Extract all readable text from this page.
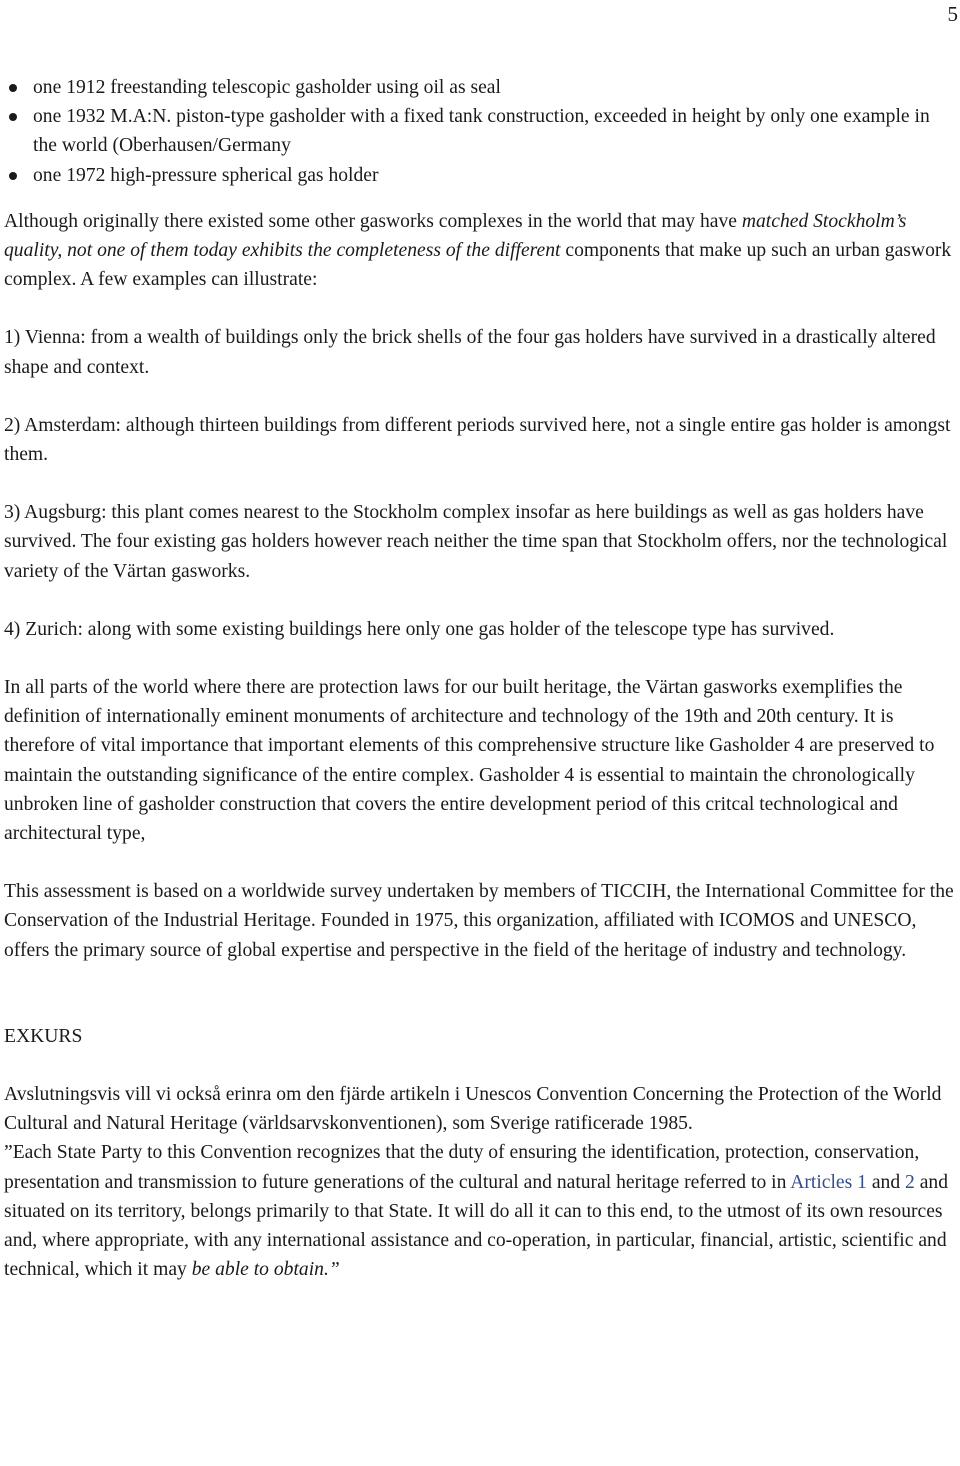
5
one 1912 freestanding telescopic gasholder using oil as seal
one 1932 M.A:N. piston-type gasholder with a fixed tank construction, exceeded in height by only one example in the world (Oberhausen/Germany
one 1972 high-pressure spherical gas holder

Although originally there existed some other gasworks complexes in the world that may have matched Stockholm’s quality, not one of them today exhibits the completeness of the different components that make up such an urban gaswork complex. A few examples can illustrate:

1) Vienna: from a wealth of buildings only the brick shells of the four gas holders have survived in a drastically altered shape and context.

2) Amsterdam: although thirteen buildings from different periods survived here, not a single entire gas holder is amongst them.

3) Augsburg: this plant comes nearest to the Stockholm complex insofar as here buildings as well as gas holders have survived. The four existing gas holders however reach neither the time span that Stockholm offers, nor the technological variety of the Värtan gasworks.

4) Zurich: along with some existing buildings here only one gas holder of the telescope type has survived.

In all parts of the world where there are protection laws for our built heritage, the Värtan gasworks exemplifies the definition of internationally eminent monuments of architecture and technology of the 19th and 20th century. It is therefore of vital importance that important elements of this comprehensive structure like Gasholder 4 are preserved to maintain the outstanding significance of the entire complex. Gasholder 4 is essential to maintain the chronologically unbroken line of gasholder construction that covers the entire development period of this critcal technological and architectural type,

This assessment is based on a worldwide survey undertaken by members of TICCIH, the International Committee for the Conservation of the Industrial Heritage. Founded in 1975, this organization, affiliated with ICOMOS and UNESCO, offers the primary source of global expertise and perspective in the field of the heritage of industry and technology.

EXKURS

Avslutningsvis vill vi också erinra om den fjärde artikeln i Unescos Convention Concerning the Protection of the World Cultural and Natural Heritage (världsarvskonventionen), som Sverige ratificerade 1985.

”Each State Party to this Convention recognizes that the duty of ensuring the identification, protection, conservation, presentation and transmission to future generations of the cultural and natural heritage referred to in Articles 1 and 2 and situated on its territory, belongs primarily to that State. It will do all it can to this end, to the utmost of its own resources and, where appropriate, with any international assistance and co-operation, in particular, financial, artistic, scientific and technical, which it may be able to obtain.”
